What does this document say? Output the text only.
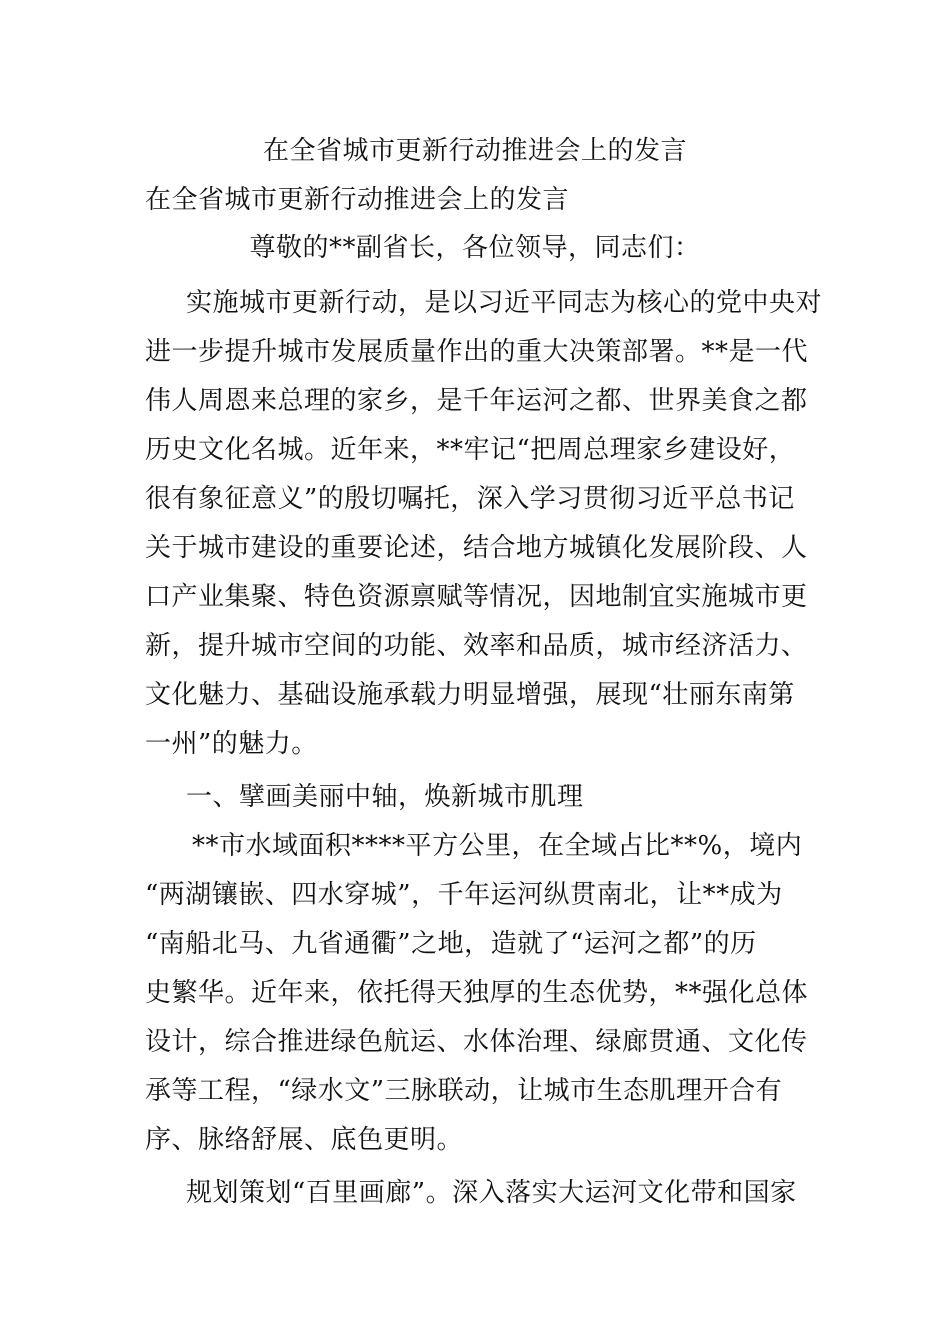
在全省城市更新行动推进会上的发言
在全省城市更新行动推进会上的发言
尊敬的**副省长，各位领导，同志们：
实施城市更新行动，是以习近平同志为核心的党中央对
进一步提升城市发展质量作出的重大决策部署。**是一代
伟人周恩来总理的家乡，是千年运河之都、世界美食之都
历史文化名城。近年来，**牢记“把周总理家乡建设好，
很有象征意义”的殷切嘱托，深入学习贯彻习近平总书记
关于城市建设的重要论述，结合地方城镇化发展阶段、人
口产业集聚、特色资源禀赋等情况，因地制宜实施城市更
新，提升城市空间的功能、效率和品质，城市经济活力、
文化魅力、基础设施承载力明显增强，展现“壮丽东南第
一州”的魅力。
一、擘画美丽中轴，焕新城市肌理
**市水域面积****平方公里，在全域占比**%，境内
“两湖镶嵌、四水穿城”，千年运河纵贯南北，让**成为
“南船北马、九省通衢”之地，造就了“运河之都”的历
史繁华。近年来，依托得天独厚的生态优势，**强化总体
设计，综合推进绿色航运、水体治理、绿廊贯通、文化传
承等工程，“绿水文”三脉联动，让城市生态肌理开合有
序、脉络舒展、底色更明。
规划策划“百里画廊”。深入落实大运河文化带和国家
